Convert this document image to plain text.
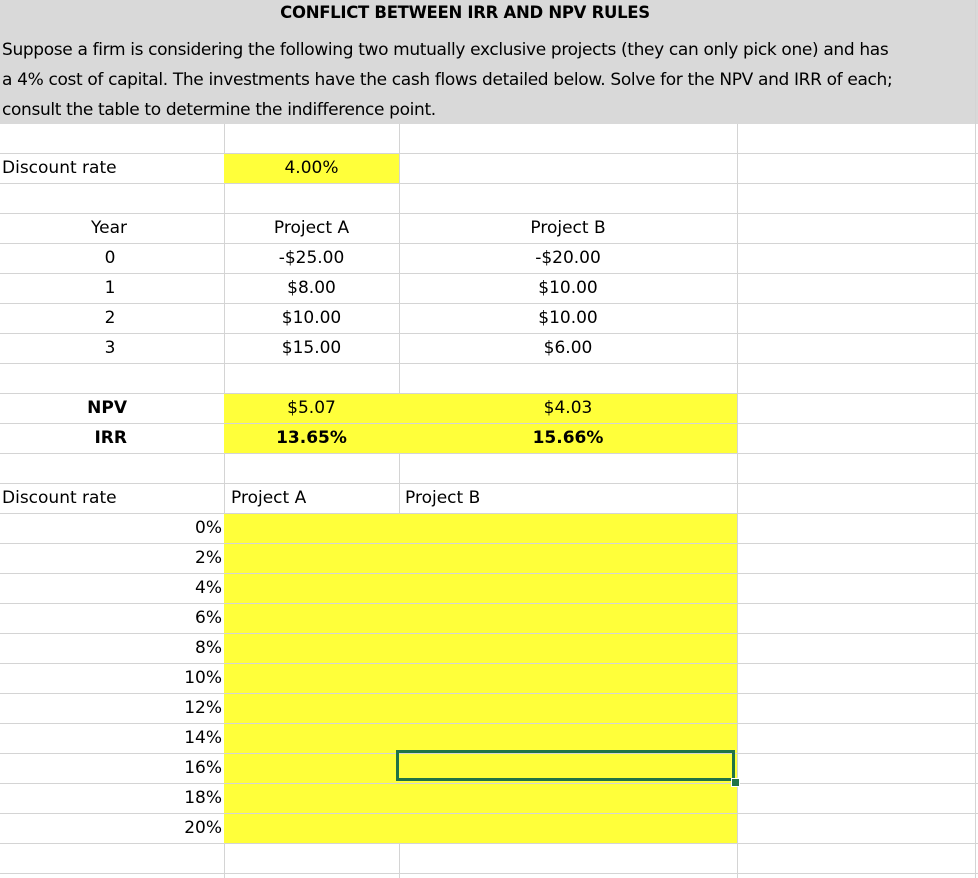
CONFLICT BETWEEN IRR AND NPV RULES
Suppose a firm is considering the following two mutually exclusive projects (they can only pick one) and has
a 4% cost of capital. The investments have the cash flows detailed below. Solve for the NPV and IRR of each;
consult the table to determine the indifference point.
Discount rate	4.00%
Year	Project A	Project B
0	-$25.00	-$20.00
1	$8.00	$10.00
2	$10.00	$10.00
3	$15.00	$6.00
NPV	$5.07	$4.03
IRR	13.65%	15.66%
Discount rate	Project A	Project B
0%
2%
4%
6%
8%
10%
12%
14%
16%
18%
20%
